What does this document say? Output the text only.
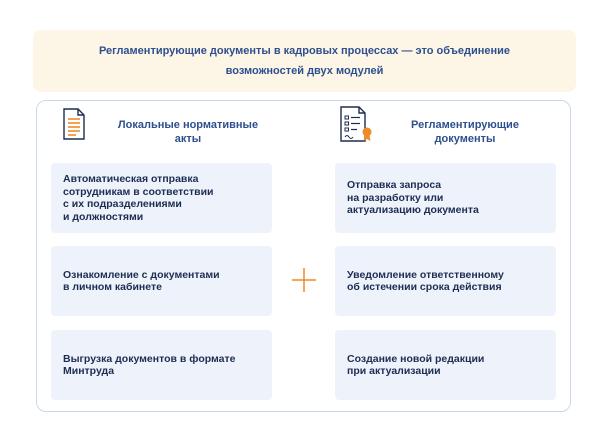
Регламентирующие документы в кадровых процессах — это объединение возможностей двух модулей
Локальные нормативные
акты
Регламентирующие
документы
Автоматическая отправка
сотрудникам в соответствии
с их подразделениями
и должностями
Ознакомление с документами
в личном кабинете
Выгрузка документов в формате
Минтруда
Отправка запроса
на разработку или
актуализацию документа
Уведомление ответственному
об истечении срока действия
Создание новой редакции
при актуализации
